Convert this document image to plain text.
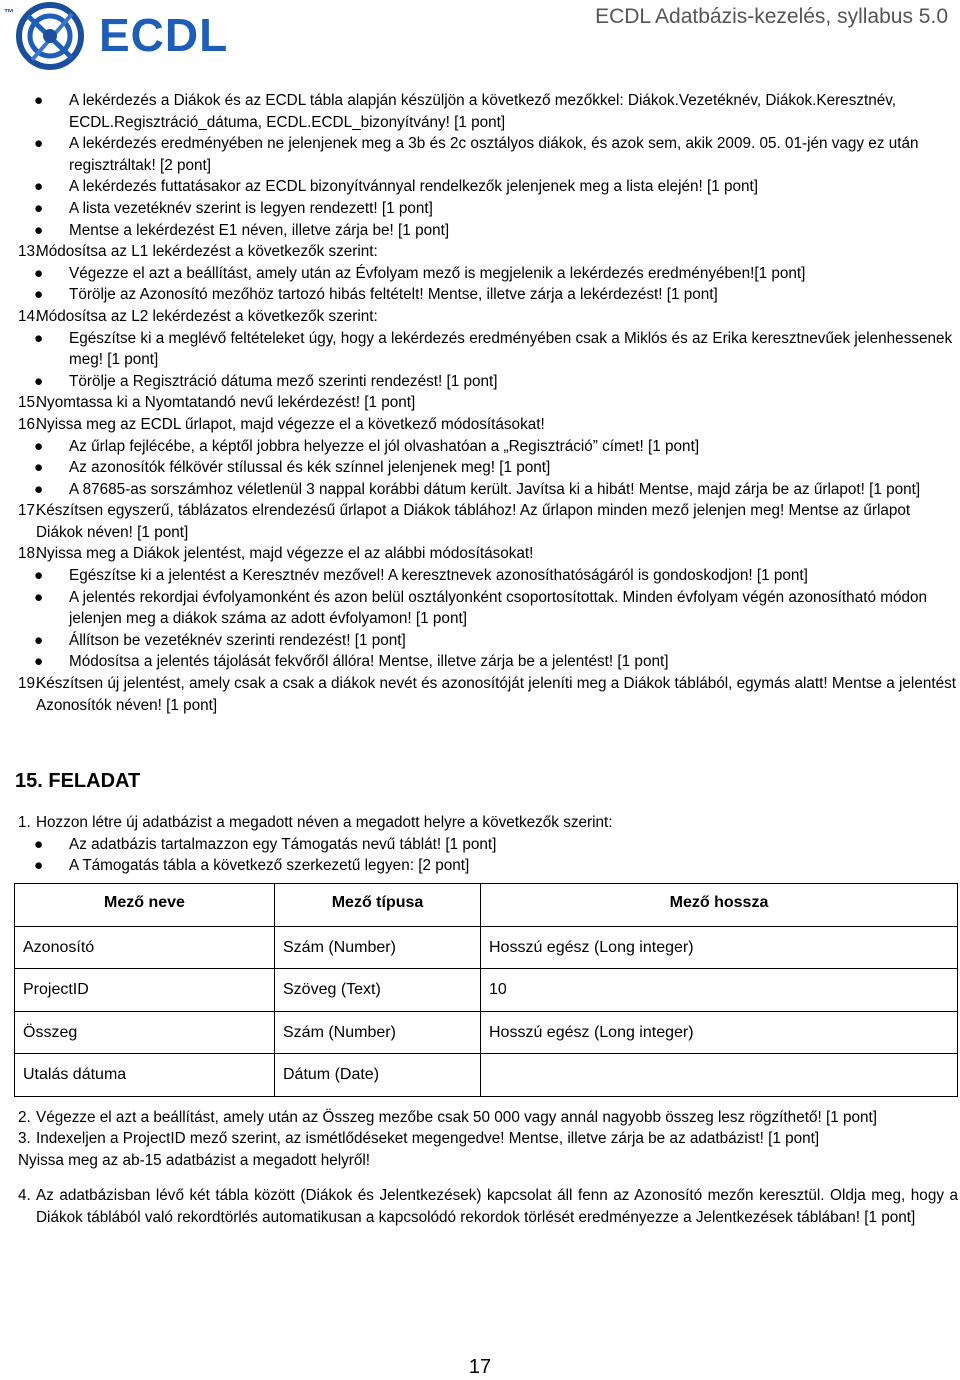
™ ECDL	ECDL Adatbázis-kezelés, syllabus 5.0
● A lekérdezés a Diákok és az ECDL tábla alapján készüljön a következő mezőkkel: Diákok.Vezetéknév, Diákok.Keresztnév, ECDL.Regisztráció_dátuma, ECDL.ECDL_bizonyítvány! [1 pont]
● A lekérdezés eredményében ne jelenjenek meg a 3b és 2c osztályos diákok, és azok sem, akik 2009. 05. 01-jén vagy ez után regisztráltak! [2 pont]
● A lekérdezés futtatásakor az ECDL bizonyítvánnyal rendelkezők jelenjenek meg a lista elején! [1 pont]
● A lista vezetéknév szerint is legyen rendezett! [1 pont]
● Mentse a lekérdezést E1 néven, illetve zárja be! [1 pont]
13.
Módosítsa az L1 lekérdezést a következők szerint:
● Végezze el azt a beállítást, amely után az Évfolyam mező is megjelenik a lekérdezés eredményében![1 pont]
● Törölje az Azonosító mezőhöz tartozó hibás feltételt! Mentse, illetve zárja a lekérdezést! [1 pont]
14.
Módosítsa az L2 lekérdezést a következők szerint:
● Egészítse ki a meglévő feltételeket úgy, hogy a lekérdezés eredményében csak a Miklós és az Erika keresztnevűek jelenhessenek meg! [1 pont]
● Törölje a Regisztráció dátuma mező szerinti rendezést! [1 pont]
15.
Nyomtassa ki a Nyomtatandó nevű lekérdezést! [1 pont]
16.
Nyissa meg az ECDL űrlapot, majd végezze el a következő módosításokat!
● Az űrlap fejlécébe, a képtől jobbra helyezze el jól olvashatóan a „Regisztráció” címet! [1 pont]
● Az azonosítók félkövér stílussal és kék színnel jelenjenek meg! [1 pont]
● A 87685-as sorszámhoz véletlenül 3 nappal korábbi dátum került. Javítsa ki a hibát! Mentse, majd zárja be az űrlapot! [1 pont]
17.
Készítsen egyszerű, táblázatos elrendezésű űrlapot a Diákok táblához! Az űrlapon minden mező jelenjen meg! Mentse az űrlapot Diákok néven! [1 pont]
18.
Nyissa meg a Diákok jelentést, majd végezze el az alábbi módosításokat!
● Egészítse ki a jelentést a Keresztnév mezővel! A keresztnevek azonosíthatóságáról is gondoskodjon! [1 pont]
● A jelentés rekordjai évfolyamonként és azon belül osztályonként csoportosítottak. Minden évfolyam végén azonosítható módon jelenjen meg a diákok száma az adott évfolyamon! [1 pont]
● Állítson be vezetéknév szerinti rendezést! [1 pont]
● Módosítsa a jelentés tájolását fekvőről állóra! Mentse, illetve zárja be a jelentést! [1 pont]
19.
Készítsen új jelentést, amely csak a csak a diákok nevét és azonosítóját jeleníti meg a Diákok táblából, egymás alatt! Mentse a jelentést Azonosítók néven! [1 pont]
15. FELADAT
1. Hozzon létre új adatbázist a megadott néven a megadott helyre a következők szerint:
● Az adatbázis tartalmazzon egy Támogatás nevű táblát! [1 pont]
● A Támogatás tábla a következő szerkezetű legyen: [2 pont]
Mező neve	Mező típusa	Mező hossza
Azonosító	Szám (Number)	Hosszú egész (Long integer)
ProjectID	Szöveg (Text)	10
Összeg	Szám (Number)	Hosszú egész (Long integer)
Utalás dátuma	Dátum (Date)	
2. Végezze el azt a beállítást, amely után az Összeg mezőbe csak 50 000 vagy annál nagyobb összeg lesz rögzíthető! [1 pont]
3. Indexeljen a ProjectID mező szerint, az ismétlődéseket megengedve! Mentse, illetve zárja be az adatbázist! [1 pont]
Nyissa meg az ab-15 adatbázist a megadott helyről!
4. Az adatbázisban lévő két tábla között (Diákok és Jelentkezések) kapcsolat áll fenn az Azonosító mezőn keresztül. Oldja meg, hogy a Diákok táblából való rekordtörlés automatikusan a kapcsolódó rekordok törlését eredményezze a Jelentkezések táblában! [1 pont]
17
